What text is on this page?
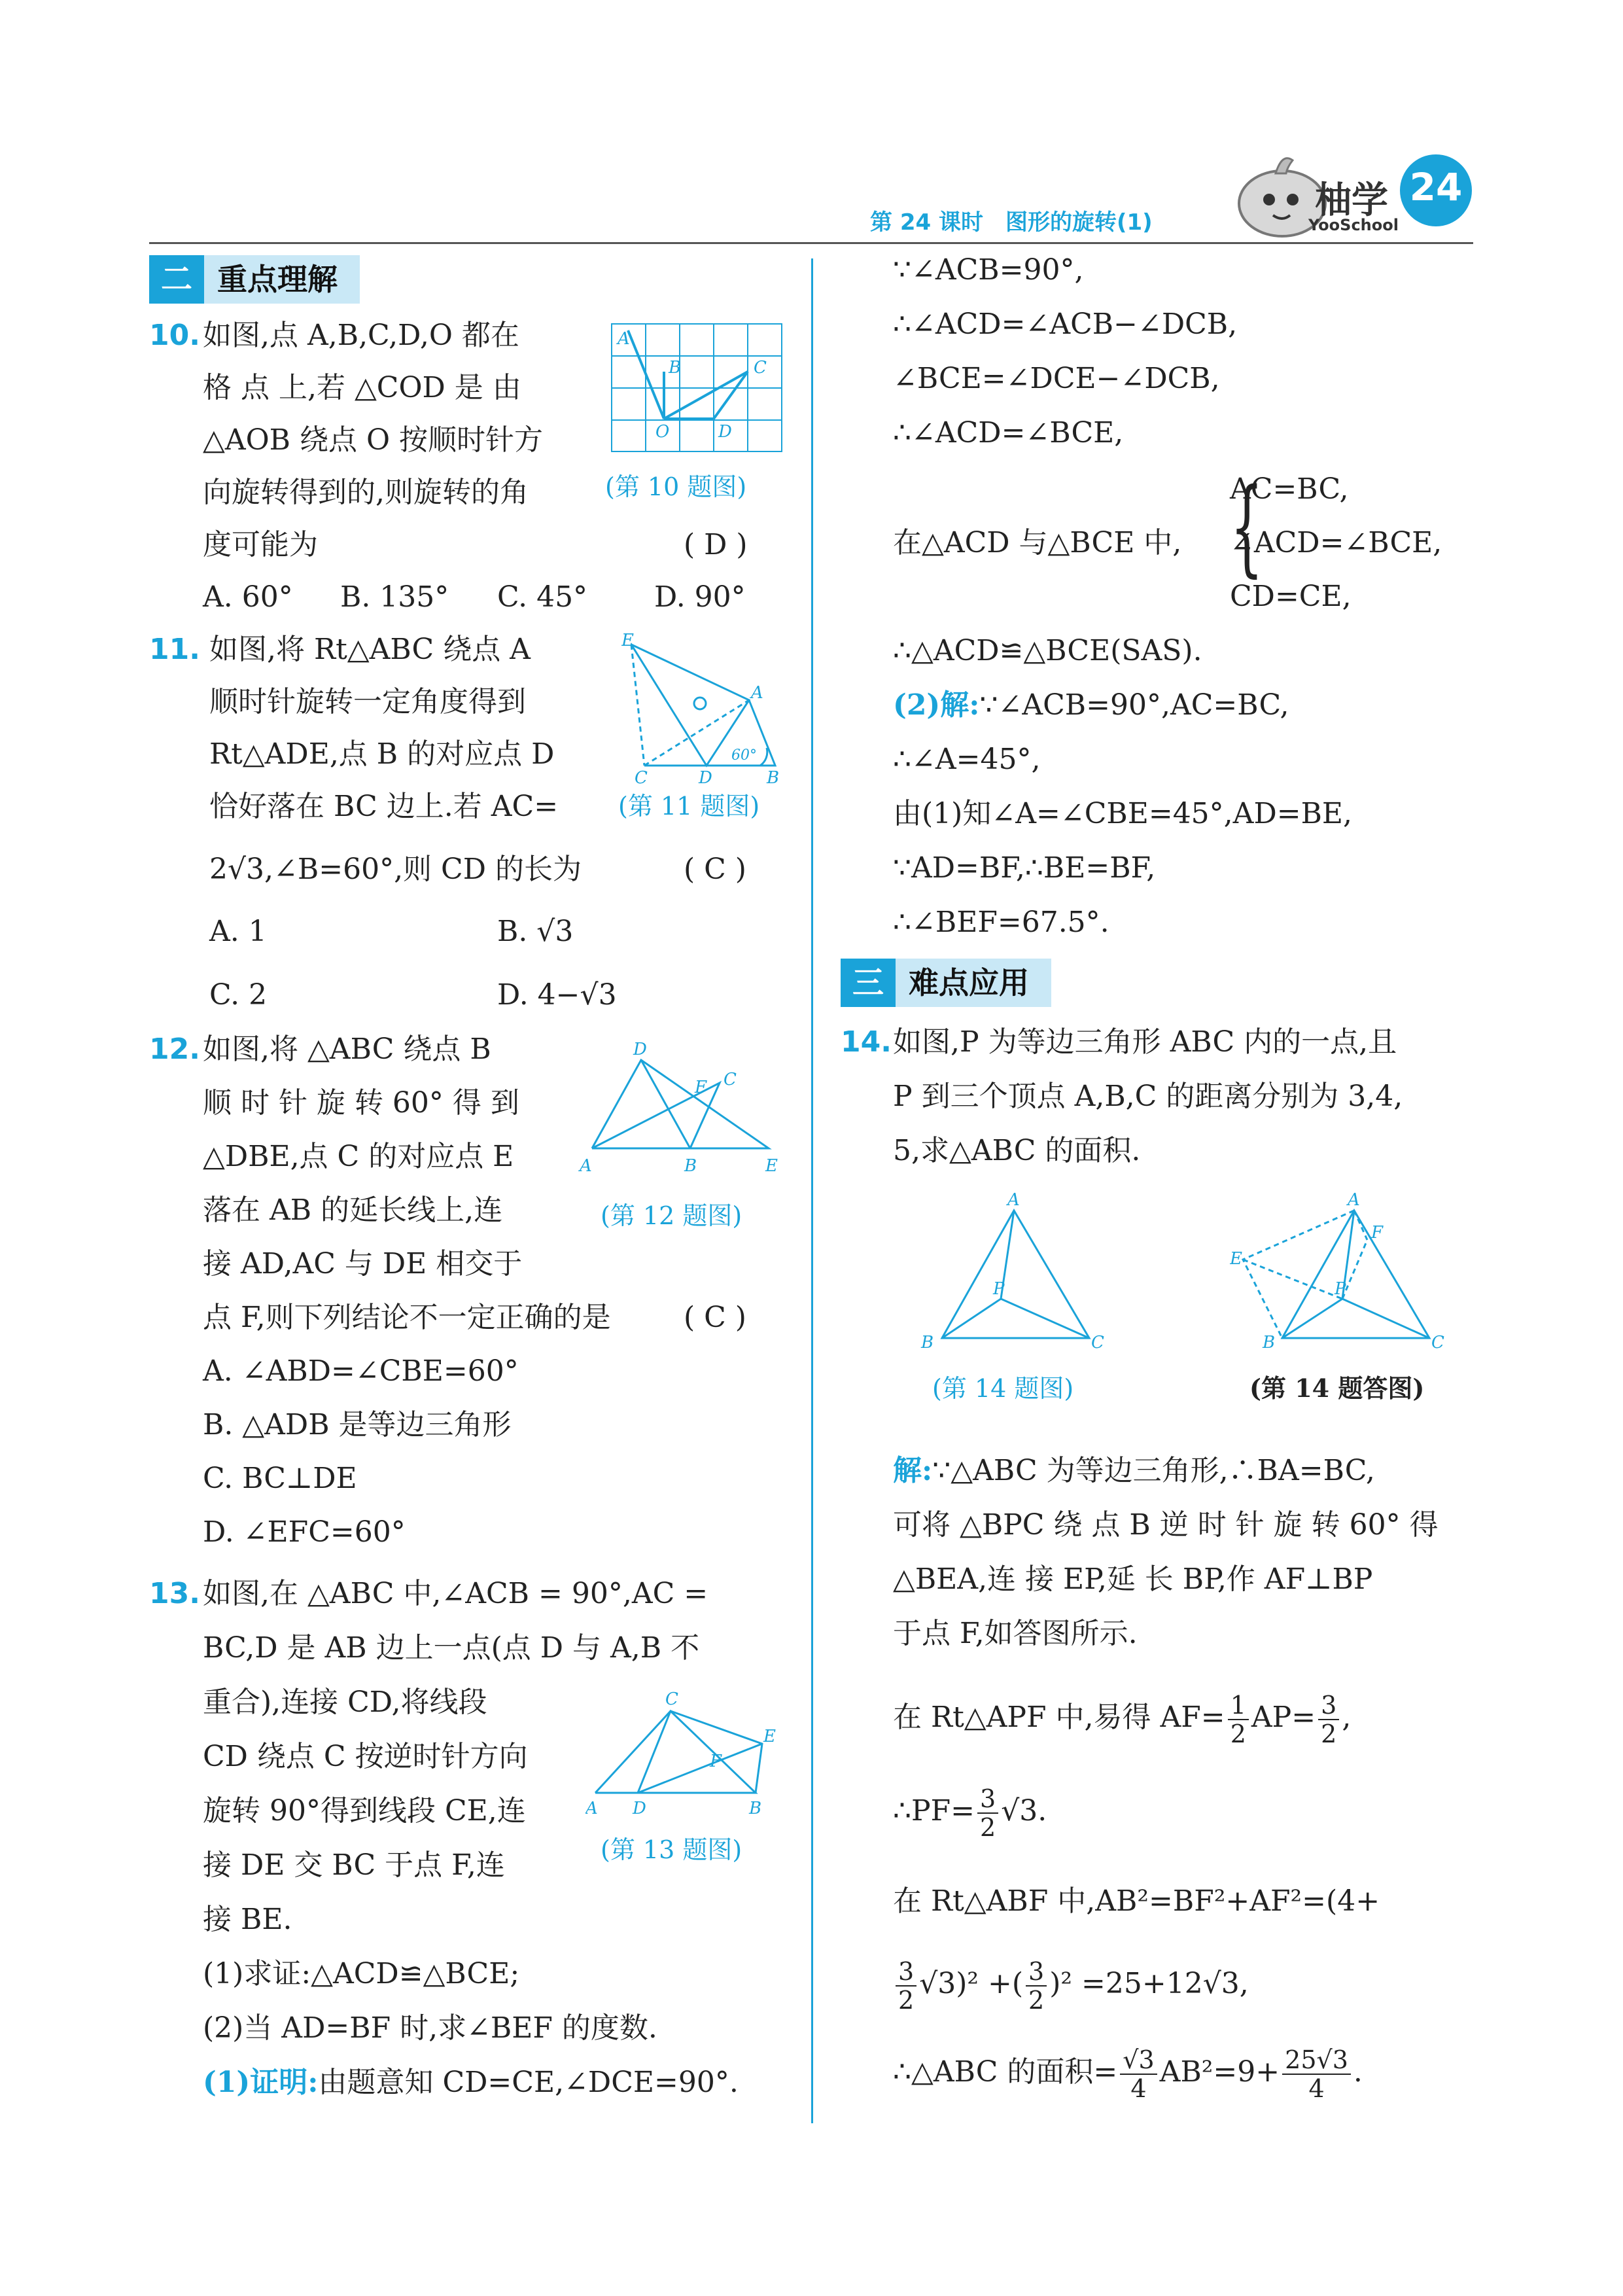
第 24 课时　图形的旋转(1)
柚学
YooSchool
24
二 重点理解
10. 如图,点 A,B,C,D,O 都在
格 点 上,若 △COD 是 由
△AOB 绕点 O 按顺时针方
向旋转得到的,则旋转的角
度可能为	( D )
A. 60° B. 135° C. 45° D. 90°
A
B	C
O	D
(第 10 题图)
11. 如图,将 Rt△ABC 绕点 A
顺时针旋转一定角度得到
Rt△ADE,点 B 的对应点 D
恰好落在 BC 边上.若 AC=
2√3,∠B=60°,则 CD 的长为	( C )
A. 1	B. √3
C. 2	D. 4−√3
E
A
C	D	B
60°
(第 11 题图)
12. 如图,将 △ABC 绕点 B
顺 时 针 旋 转 60° 得 到
△DBE,点 C 的对应点 E
落在 AB 的延长线上,连
接 AD,AC 与 DE 相交于
点 F,则下列结论不一定正确的是	( C )
A. ∠ABD=∠CBE=60°
B. △ADB 是等边三角形
C. BC⊥DE
D. ∠EFC=60°
D
F C
A	B	E
(第 12 题图)
13. 如图,在 △ABC 中,∠ACB = 90°,AC =
BC,D 是 AB 边上一点(点 D 与 A,B 不
重合),连接 CD,将线段
CD 绕点 C 按逆时针方向
旋转 90°得到线段 CE,连
接 DE 交 BC 于点 F,连
接 BE.
(1)求证:△ACD≌△BCE;
(2)当 AD=BF 时,求∠BEF 的度数.
(1)证明:由题意知 CD=CE,∠DCE=90°.
C
E
F
A D	B
(第 13 题图)
∵∠ACB=90°,
∴∠ACD=∠ACB−∠DCB,
∠BCE=∠DCE−∠DCB,
∴∠ACD=∠BCE,
在△ACD 与△BCE 中, {
AC=BC,
∠ACD=∠BCE,
CD=CE,
∴△ACD≌△BCE(SAS).
(2)解:∵∠ACB=90°,AC=BC,
∴∠A=45°,
由(1)知∠A=∠CBE=45°,AD=BE,
∵AD=BF,∴BE=BF,
∴∠BEF=67.5°.
三 难点应用
14. 如图,P 为等边三角形 ABC 内的一点,且
P 到三个顶点 A,B,C 的距离分别为 3,4,
5,求△ABC 的面积.
A
P
B	C
(第 14 题图)
A
F
E
P
B	C
(第 14 题答图)
解:∵△ABC 为等边三角形,∴BA=BC,
可将 △BPC 绕 点 B 逆 时 针 旋 转 60° 得
△BEA,连 接 EP,延 长 BP,作 AF⊥BP
于点 F,如答图所示.
在 Rt△APF 中,易得 $AF= \frac{1}{2} AP= \frac{3}{2}$ ,
∴PF= $\frac{3}{2} √3$.
在 Rt△ABF 中,AB²=BF²+AF²=(4+
$\frac{3}{2} √3)^2$ +( $\frac{3}{2} )^2 =25+12√3$,
∴△ABC 的面积= $\frac{√3}{4} AB^2=9+ \frac{25√3}{4}$ .
